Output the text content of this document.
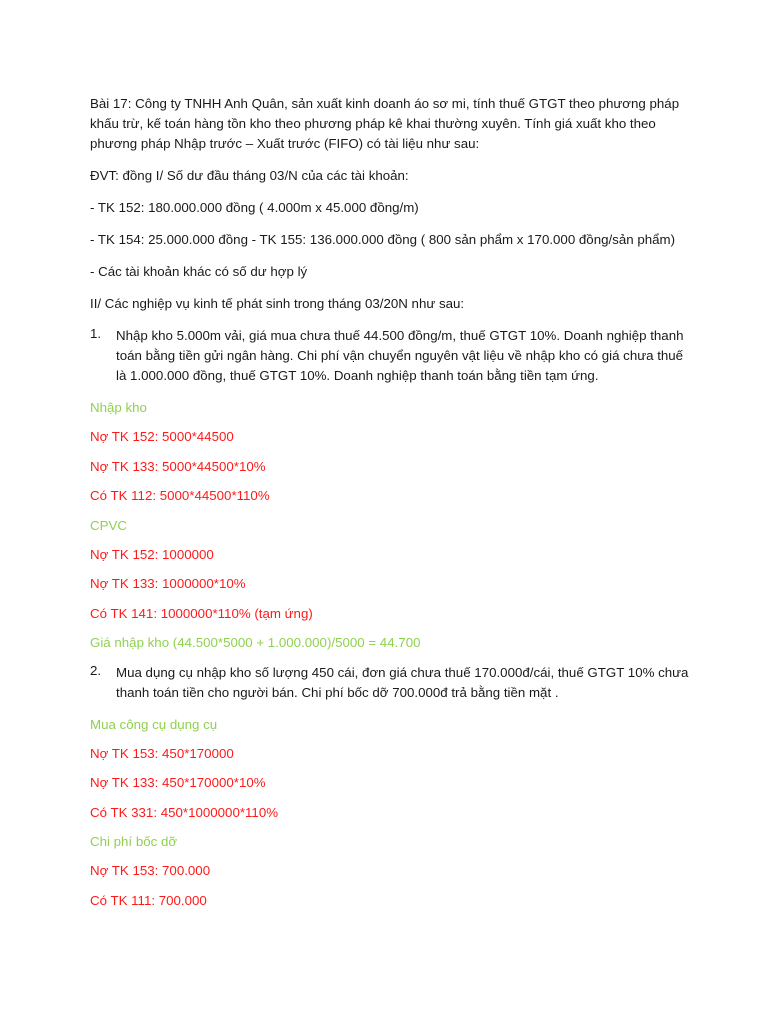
Bài 17: Công ty TNHH Anh Quân, sản xuất kinh doanh áo sơ mi, tính thuế GTGT theo phương pháp khấu trừ, kế toán hàng tồn kho theo phương pháp kê khai thường xuyên. Tính giá xuất kho theo phương pháp Nhập trước – Xuất trước (FIFO) có tài liệu như sau:

ĐVT: đồng I/ Số dư đầu tháng 03/N của các tài khoản:

- TK 152: 180.000.000 đồng ( 4.000m x 45.000 đồng/m)

- TK 154: 25.000.000 đồng - TK 155: 136.000.000 đồng ( 800 sản phẩm x 170.000 đồng/sản phẩm)

- Các tài khoản khác có số dư hợp lý

II/ Các nghiệp vụ kinh tế phát sinh trong tháng 03/20N như sau:

1.	Nhập kho 5.000m vải, giá mua chưa thuế 44.500 đồng/m, thuế GTGT 10%. Doanh nghiệp thanh toán bằng tiền gửi ngân hàng. Chi phí vận chuyển nguyên vật liệu về nhập kho có giá chưa thuế là 1.000.000 đồng, thuế GTGT 10%. Doanh nghiệp thanh toán bằng tiền tạm ứng.

Nhập kho

Nợ TK 152: 5000*44500

Nợ TK 133: 5000*44500*10%

Có TK 112: 5000*44500*110%

CPVC

Nợ TK 152: 1000000

Nợ TK 133: 1000000*10%

Có TK 141: 1000000*110% (tạm ứng)

Giá nhập kho (44.500*5000 + 1.000.000)/5000 = 44.700

2.	Mua dụng cụ nhập kho số lượng 450 cái, đơn giá chưa thuế 170.000đ/cái, thuế GTGT 10% chưa thanh toán tiền cho người bán. Chi phí bốc dỡ 700.000đ trả bằng tiền mặt .

Mua công cụ dụng cụ

Nợ TK 153: 450*170000

Nợ TK 133: 450*170000*10%

Có TK 331: 450*1000000*110%

Chi phí bốc dỡ

Nợ TK 153: 700.000

Có TK 111: 700.000
